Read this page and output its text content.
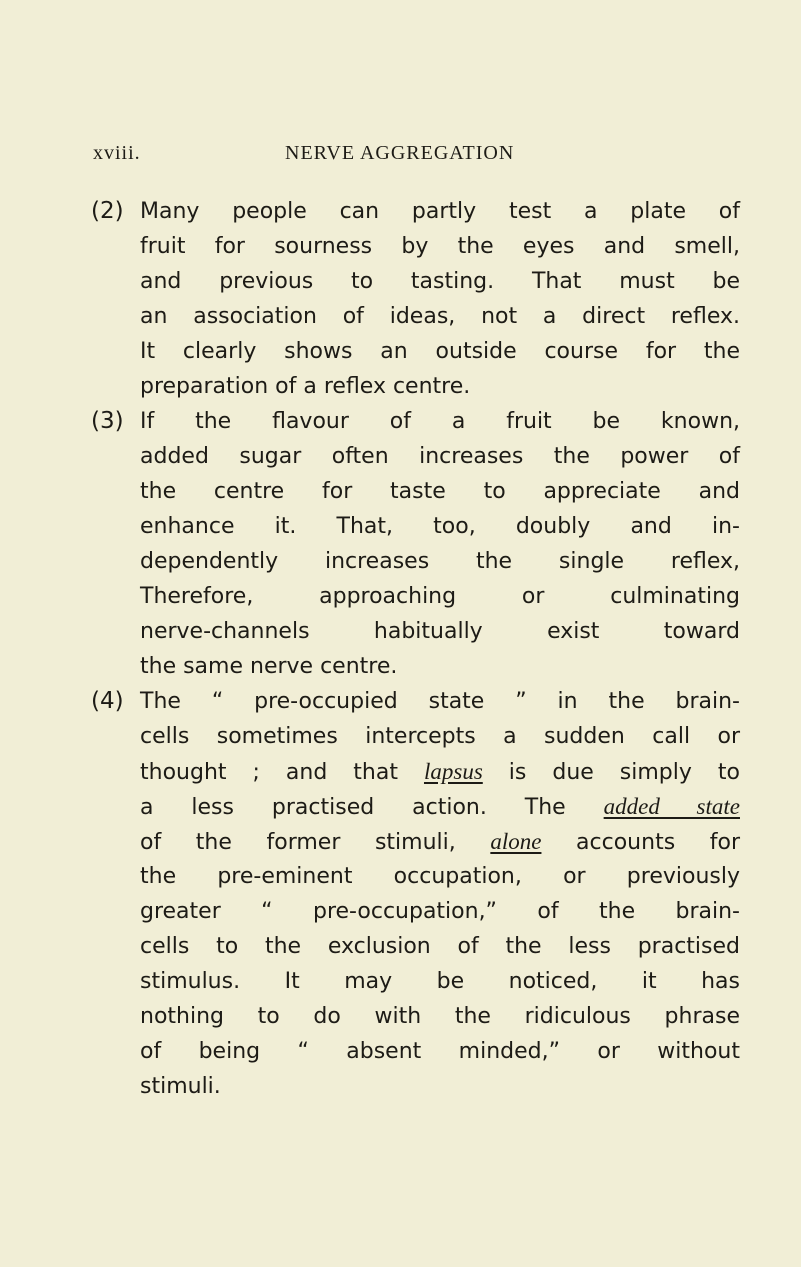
xviii.	NERVE AGGREGATION
(2) Many people can partly test a plate of
fruit for sourness by the eyes and smell,
and previous to tasting. That must be
an association of ideas, not a direct reflex.
It clearly shows an outside course for the
preparation of a reflex centre.
(3) If the flavour of a fruit be known,
added sugar often increases the power of
the centre for taste to appreciate and
enhance it. That, too, doubly and in-
dependently increases the single reflex,
Therefore, approaching or culminating
nerve-channels habitually exist toward
the same nerve centre.
(4) The “ pre-occupied state ” in the brain-
cells sometimes intercepts a sudden call or
thought ; and that lapsus is due simply to
a less practised action. The added state
of the former stimuli, alone accounts for
the pre-eminent occupation, or previously
greater “ pre-occupation,” of the brain-
cells to the exclusion of the less practised
stimulus. It may be noticed, it has
nothing to do with the ridiculous phrase
of being “ absent minded,” or without
stimuli.
